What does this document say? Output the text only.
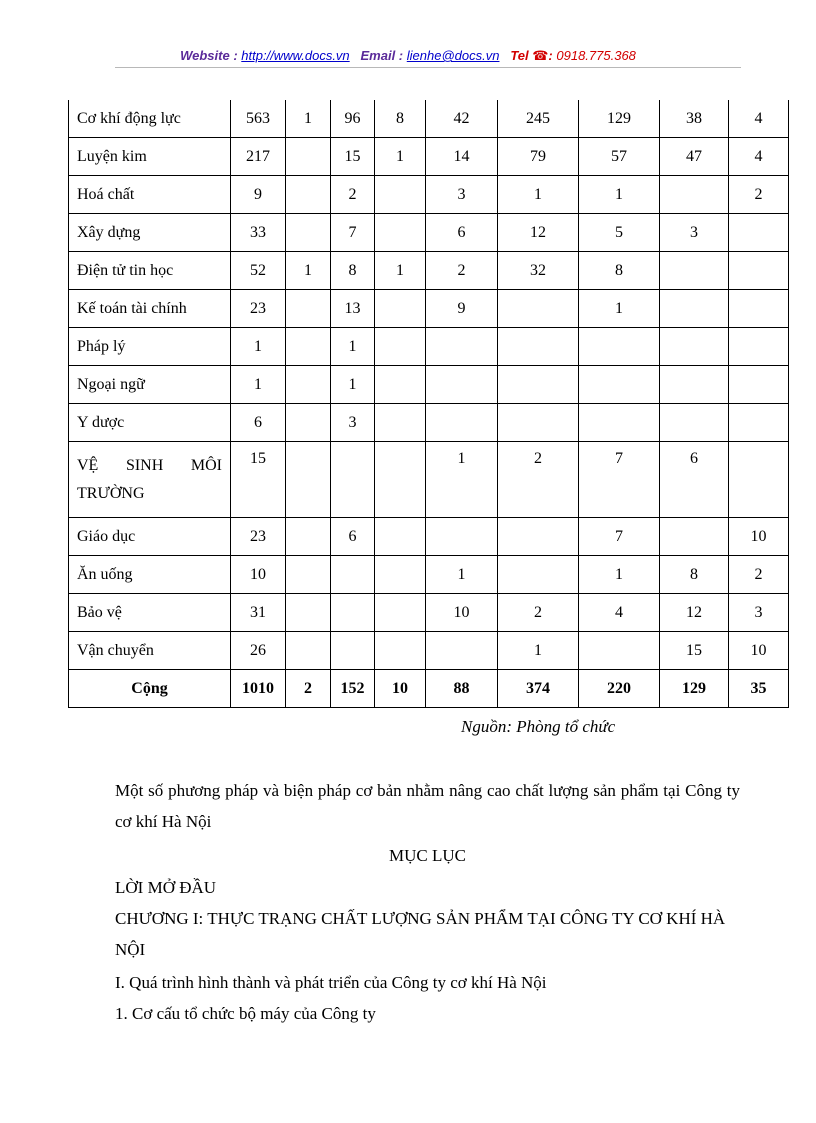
Website : http://www.docs.vn Email : lienhe@docs.vn Tel ☎: 0918.775.368
Cơ khí động lực	563	1	96	8	42	245	129	38	4
Luyện kim	217		15	1	14	79	57	47	4
Hoá chất	9		2		3	1	1		2
Xây dựng	33		7		6	12	5	3	
Điện tử tin học	52	1	8	1	2	32	8		
Kế toán tài chính	23		13		9		1		
Pháp lý	1		1						
Ngoại ngữ	1		1						
Y dược	6		3						
VỆ SINH MÔI TRƯỜNG	15				1	2	7	6	
Giáo dục	23		6				7		10
Ăn uống	10				1		1	8	2
Bảo vệ	31				10	2	4	12	3
Vận chuyển	26					1		15	10
Cộng	1010	2	152	10	88	374	220	129	35
Nguồn: Phòng tổ chức
Một số phương pháp và biện pháp cơ bản nhằm nâng cao chất lượng sản phẩm tại Công ty cơ khí Hà Nội
MỤC LỤC
LỜI MỞ ĐẦU
CHƯƠNG I: THỰC TRẠNG CHẤT LƯỢNG SẢN PHẨM TẠI CÔNG TY CƠ KHÍ HÀ NỘI
I. Quá trình hình thành và phát triển của Công ty cơ khí Hà Nội
1. Cơ cấu tổ chức bộ máy của Công ty
